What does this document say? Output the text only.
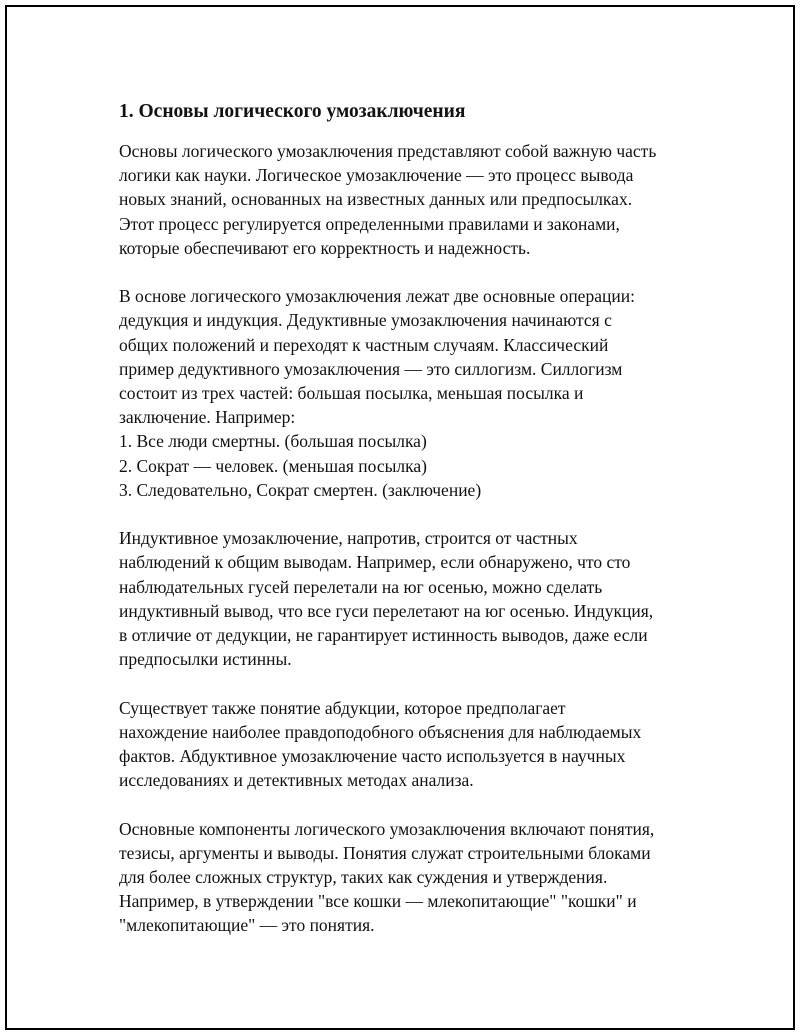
1. Основы логического умозаключения
Основы логического умозаключения представляют собой важную часть
логики как науки. Логическое умозаключение — это процесс вывода
новых знаний, основанных на известных данных или предпосылках.
Этот процесс регулируется определенными правилами и законами,
которые обеспечивают его корректность и надежность.
В основе логического умозаключения лежат две основные операции:
дедукция и индукция. Дедуктивные умозаключения начинаются с
общих положений и переходят к частным случаям. Классический
пример дедуктивного умозаключения — это силлогизм. Силлогизм
состоит из трех частей: большая посылка, меньшая посылка и
заключение. Например:
1. Все люди смертны. (большая посылка)
2. Сократ — человек. (меньшая посылка)
3. Следовательно, Сократ смертен. (заключение)
Индуктивное умозаключение, напротив, строится от частных
наблюдений к общим выводам. Например, если обнаружено, что сто
наблюдательных гусей перелетали на юг осенью, можно сделать
индуктивный вывод, что все гуси перелетают на юг осенью. Индукция,
в отличие от дедукции, не гарантирует истинность выводов, даже если
предпосылки истинны.
Существует также понятие абдукции, которое предполагает
нахождение наиболее правдоподобного объяснения для наблюдаемых
фактов. Абдуктивное умозаключение часто используется в научных
исследованиях и детективных методах анализа.
Основные компоненты логического умозаключения включают понятия,
тезисы, аргументы и выводы. Понятия служат строительными блоками
для более сложных структур, таких как суждения и утверждения.
Например, в утверждении "все кошки — млекопитающие" "кошки" и
"млекопитающие" — это понятия.
